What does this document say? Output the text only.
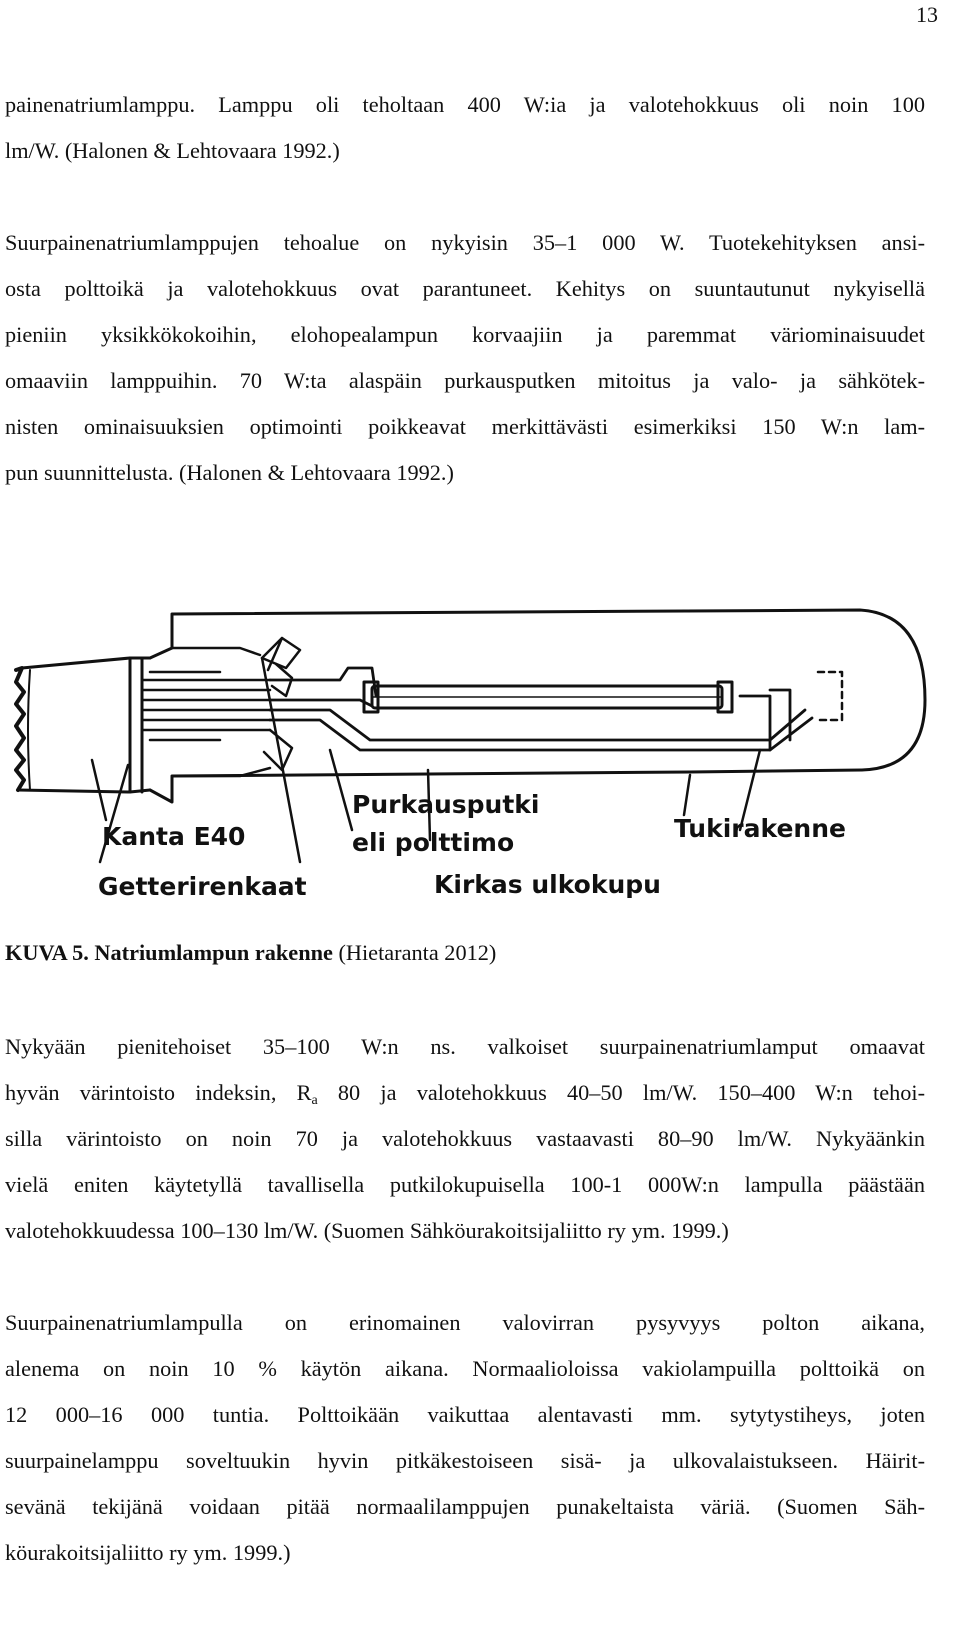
13
painenatriumlamppu. Lamppu oli teholtaan 400 W:ia ja valotehokkuus oli noin 100
lm/W. (Halonen & Lehtovaara 1992.)
Suurpainenatriumlamppujen tehoalue on nykyisin 35–1 000 W. Tuotekehityksen ansi-
osta polttoikä ja valotehokkuus ovat parantuneet. Kehitys on suuntautunut nykyisellä
pieniin yksikkökokoihin, elohopealampun korvaajiin ja paremmat väriominaisuudet
omaaviin lamppuihin. 70 W:ta alaspäin purkausputken mitoitus ja valo- ja sähkötek-
nisten ominaisuuksien optimointi poikkeavat merkittävästi esimerkiksi 150 W:n lam-
pun suunnittelusta. (Halonen & Lehtovaara 1992.)
Kanta E40
Getterirenkaat
Purkausputki
eli polttimo
Kirkas ulkokupu
Tukirakenne
KUVA 5. Natriumlampun rakenne (Hietaranta 2012)
Nykyään pienitehoiset 35–100 W:n ns. valkoiset suurpainenatriumlamput omaavat
hyvän värintoisto indeksin, $R_a$ 80 ja valotehokkuus 40–50 lm/W. 150–400 W:n tehoi-
silla värintoisto on noin 70 ja valotehokkuus vastaavasti 80–90 lm/W. Nykyäänkin
vielä eniten käytetyllä tavallisella putkilokupuisella 100-1 000W:n lampulla päästään
valotehokkuudessa 100–130 lm/W. (Suomen Sähköurakoitsijaliitto ry ym. 1999.)
Suurpainenatriumlampulla on erinomainen valovirran pysyvyys polton aikana,
alenema on noin 10 % käytön aikana. Normaalioloissa vakiolampuilla polttoikä on
12 000–16 000 tuntia. Polttoikään vaikuttaa alentavasti mm. sytytystiheys, joten
suurpainelamppu soveltuukin hyvin pitkäkestoiseen sisä- ja ulkovalaistukseen. Häirit-
sevänä tekijänä voidaan pitää normaalilamppujen punakeltaista väriä. (Suomen Säh-
köurakoitsijaliitto ry ym. 1999.)
